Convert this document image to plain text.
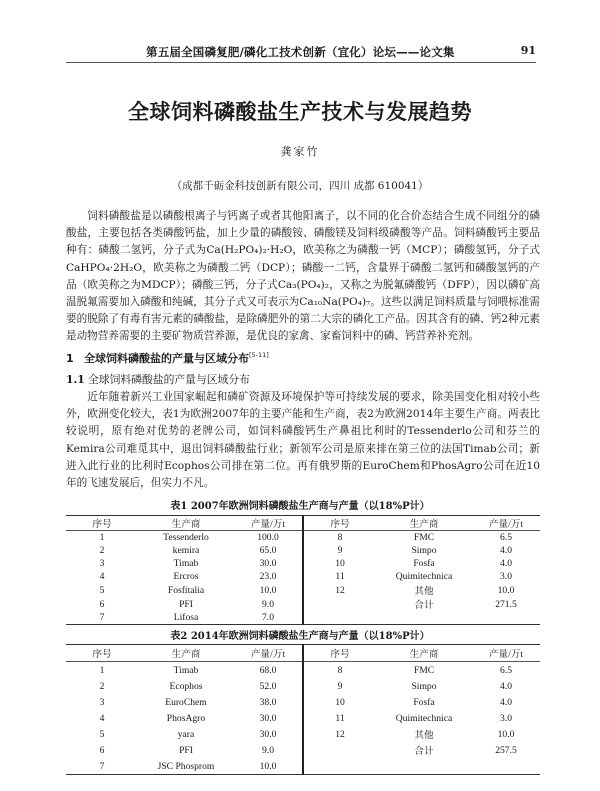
第五届全国磷复肥/磷化工技术创新（宜化）论坛——论文集	91
全球饲料磷酸盐生产技术与发展趋势
龚家竹
（成都千砺金科技创新有限公司，四川 成都 610041）
饲料磷酸盐是以磷酸根离子与钙离子或者其他阳离子，以不同的化合价态结合生成不同组分的磷酸盐，主要包括各类磷酸钙盐，加上少量的磷酸铵、磷酸镁及饲料级磷酸等产品。饲料磷酸钙主要品种有：磷酸二氢钙，分子式为Ca(H₂PO₄)₂·H₂O，欧美称之为磷酸一钙（MCP）；磷酸氢钙，分子式CaHPO₄·2H₂O，欧美称之为磷酸二钙（DCP）；磷酸一二钙，含量界于磷酸二氢钙和磷酸氢钙的产品（欧美称之为MDCP）；磷酸三钙，分子式Ca₃(PO₄)₂，又称之为脱氟磷酸钙（DFP），因以磷矿高温脱氟需要加入磷酸和纯碱，其分子式又可表示为Ca₁₀Na(PO₄)₇。这些以满足饲料质量与饲喂标准需要的脱除了有毒有害元素的磷酸盐，是除磷肥外的第二大宗的磷化工产品。因其含有的磷、钙2种元素是动物营养需要的主要矿物质营养源，是优良的家禽、家畜饲料中的磷、钙营养补充剂。
1 全球饲料磷酸盐的产量与区域分布[5-11]
1.1 全球饲料磷酸盐的产量与区域分布
近年随着新兴工业国家崛起和磷矿资源及环境保护等可持续发展的要求，除美国变化相对较小些外，欧洲变化较大，表1为欧洲2007年的主要产能和生产商，表2为欧洲2014年主要生产商。两表比较说明，原有绝对优势的老牌公司，如饲料磷酸钙生产鼻祖比利时的Tessenderlo公司和芬兰的Kemira公司难觅其中，退出饲料磷酸盐行业；新领军公司是原来排在第三位的法国Timab公司；新进入此行业的比利时Ecophos公司排在第二位。再有俄罗斯的EuroChem和PhosAgro公司在近10年的飞速发展后，但实力不凡。
表1 2007年欧洲饲料磷酸盐生产商与产量（以18%P计）
序号	生产商	产量/万t	序号	生产商	产量/万t
1	Tessenderlo	100.0	8	FMC	6.5
2	kemira	65.0	9	Simpo	4.0
3	Timab	30.0	10	Fosfa	4.0
4	Ercros	23.0	11	Quimitechnica	3.0
5	Fosfitalia	10.0	12	其他	10.0
6	PFI	9.0		合计	271.5
7	Lifosa	7.0			
表2 2014年欧洲饲料磷酸盐生产商与产量（以18%P计）
序号	生产商	产量/万t	序号	生产商	产量/万t
1	Timab	68.0	8	FMC	6.5
2	Ecophos	52.0	9	Simpo	4.0
3	EuroChem	38.0	10	Fosfa	4.0
4	PhosAgro	30.0	11	Quimitechnica	3.0
5	yara	30.0	12	其他	10.0
6	PFI	9.0		合计	257.5
7	JSC Phosprom	10.0			
